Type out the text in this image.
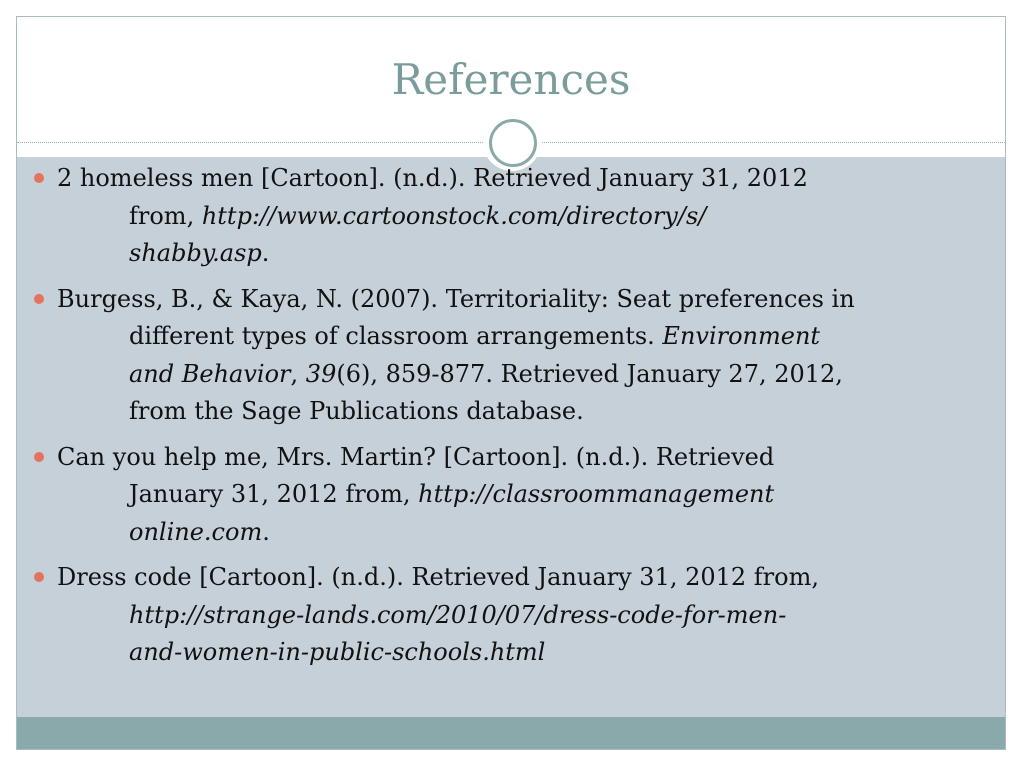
References
2 homeless men [Cartoon]. (n.d.). Retrieved January 31, 2012
from, http://www.cartoonstock.com/directory/s/
shabby.asp.
Burgess, B., & Kaya, N. (2007). Territoriality: Seat preferences in
different types of classroom arrangements. Environment
and Behavior, 39(6), 859-877. Retrieved January 27, 2012,
from the Sage Publications database.
Can you help me, Mrs. Martin? [Cartoon]. (n.d.). Retrieved
January 31, 2012 from, http://classroommanagement
online.com.
Dress code [Cartoon]. (n.d.). Retrieved January 31, 2012 from,
http://strange-lands.com/2010/07/dress-code-for-men-
and-women-in-public-schools.html
